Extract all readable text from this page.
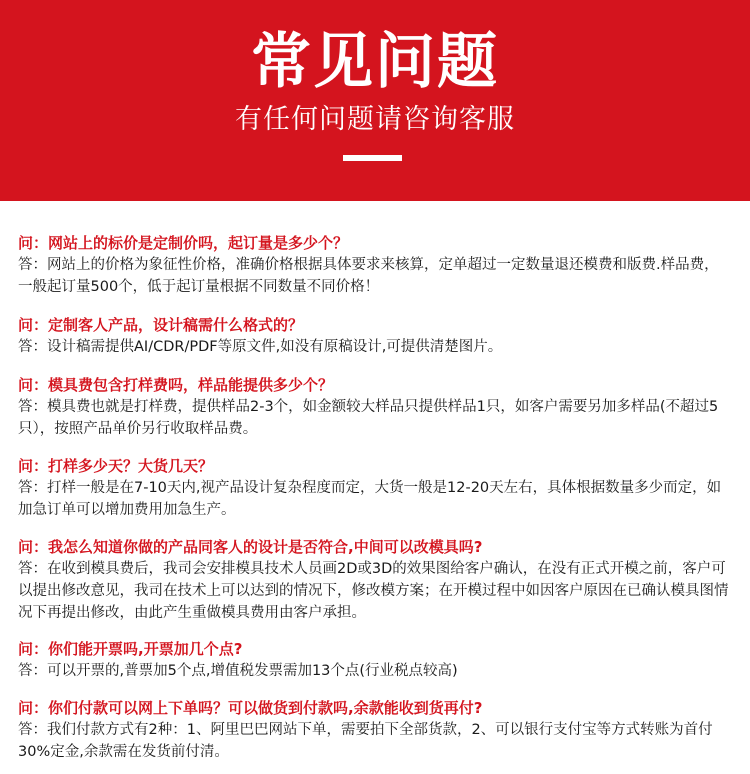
常见问题
有任何问题请咨询客服
问：网站上的标价是定制价吗，起订量是多少个？
答：网站上的价格为象征性价格，准确价格根据具体要求来核算，定单超过一定数量退还模费和版费.样品费，一般起订量500个，低于起订量根据不同数量不同价格！
问：定制客人产品，设计稿需什么格式的？
答：设计稿需提供AI/CDR/PDF等原文件,如没有原稿设计,可提供清楚图片。
问：模具费包含打样费吗，样品能提供多少个？
答：模具费也就是打样费，提供样品2-3个，如金额较大样品只提供样品1只，如客户需要另加多样品(不超过5只），按照产品单价另行收取样品费。
问：打样多少天？大货几天？
答：打样一般是在7-10天内,视产品设计复杂程度而定，大货一般是12-20天左右，具体根据数量多少而定，如加急订单可以增加费用加急生产。
问：我怎么知道你做的产品同客人的设计是否符合,中间可以改模具吗?
答：在收到模具费后，我司会安排模具技术人员画2D或3D的效果图给客户确认，在没有正式开模之前，客户可以提出修改意见，我司在技术上可以达到的情况下，修改模方案；在开模过程中如因客户原因在已确认模具图情况下再提出修改，由此产生重做模具费用由客户承担。
问：你们能开票吗,开票加几个点?
答：可以开票的,普票加5个点,增值税发票需加13个点(行业税点较高)
问：你们付款可以网上下单吗？可以做货到付款吗,余款能收到货再付?
答：我们付款方式有2种：1、阿里巴巴网站下单，需要拍下全部货款，2、可以银行支付宝等方式转账为首付30%定金,余款需在发货前付清。
